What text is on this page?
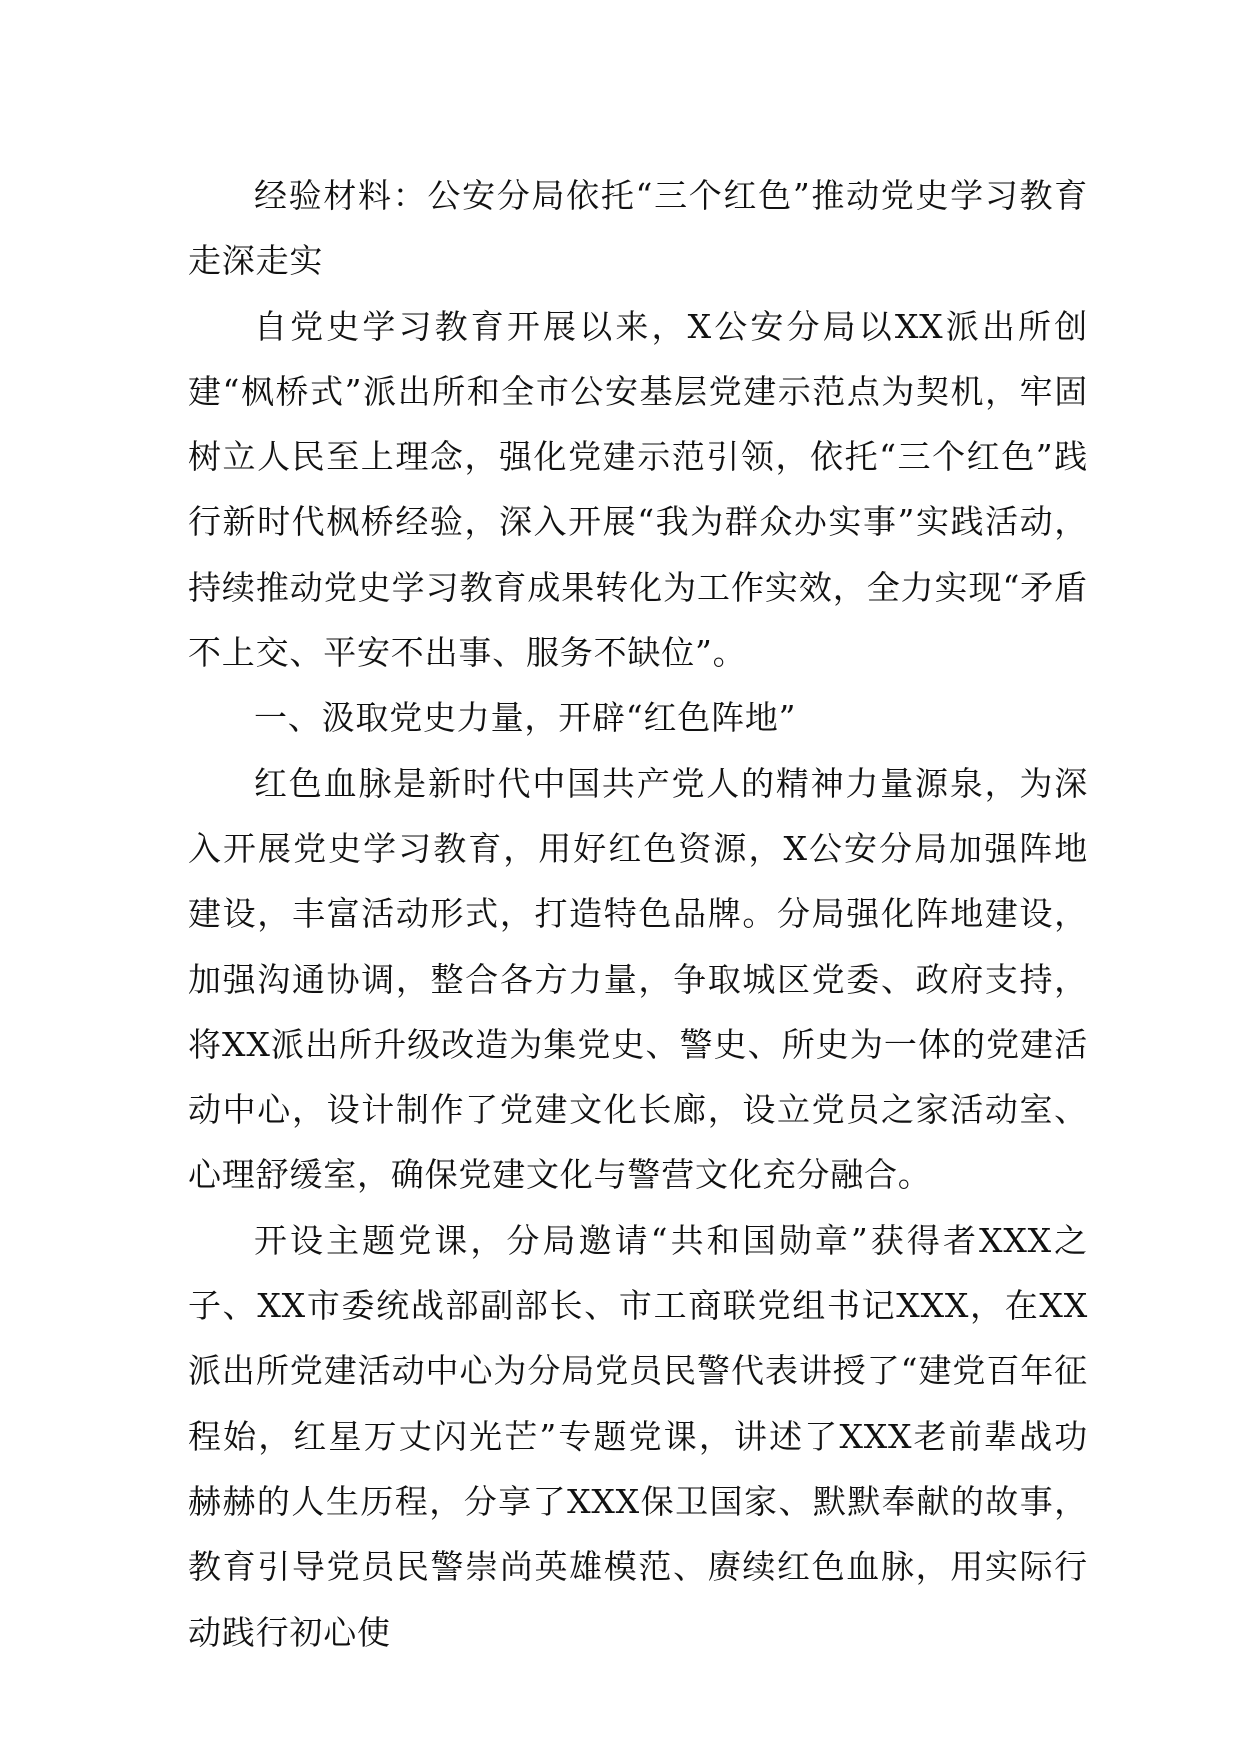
经验材料：公安分局依托“三个红色”推动党史学习教育走深走实

自党史学习教育开展以来，X公安分局以XX派出所创建“枫桥式”派出所和全市公安基层党建示范点为契机，牢固树立人民至上理念，强化党建示范引领，依托“三个红色”践行新时代枫桥经验，深入开展“我为群众办实事”实践活动，持续推动党史学习教育成果转化为工作实效，全力实现“矛盾不上交、平安不出事、服务不缺位”。

一、汲取党史力量，开辟“红色阵地”

红色血脉是新时代中国共产党人的精神力量源泉，为深入开展党史学习教育，用好红色资源，X公安分局加强阵地建设，丰富活动形式，打造特色品牌。分局强化阵地建设，加强沟通协调，整合各方力量，争取城区党委、政府支持，将XX派出所升级改造为集党史、警史、所史为一体的党建活动中心，设计制作了党建文化长廊，设立党员之家活动室、心理舒缓室，确保党建文化与警营文化充分融合。

开设主题党课，分局邀请“共和国勋章”获得者XXX之子、XX市委统战部副部长、市工商联党组书记XXX，在XX派出所党建活动中心为分局党员民警代表讲授了“建党百年征程始，红星万丈闪光芒”专题党课，讲述了XXX老前辈战功赫赫的人生历程，分享了XXX保卫国家、默默奉献的故事，教育引导党员民警崇尚英雄模范、赓续红色血脉，用实际行动践行初心使
